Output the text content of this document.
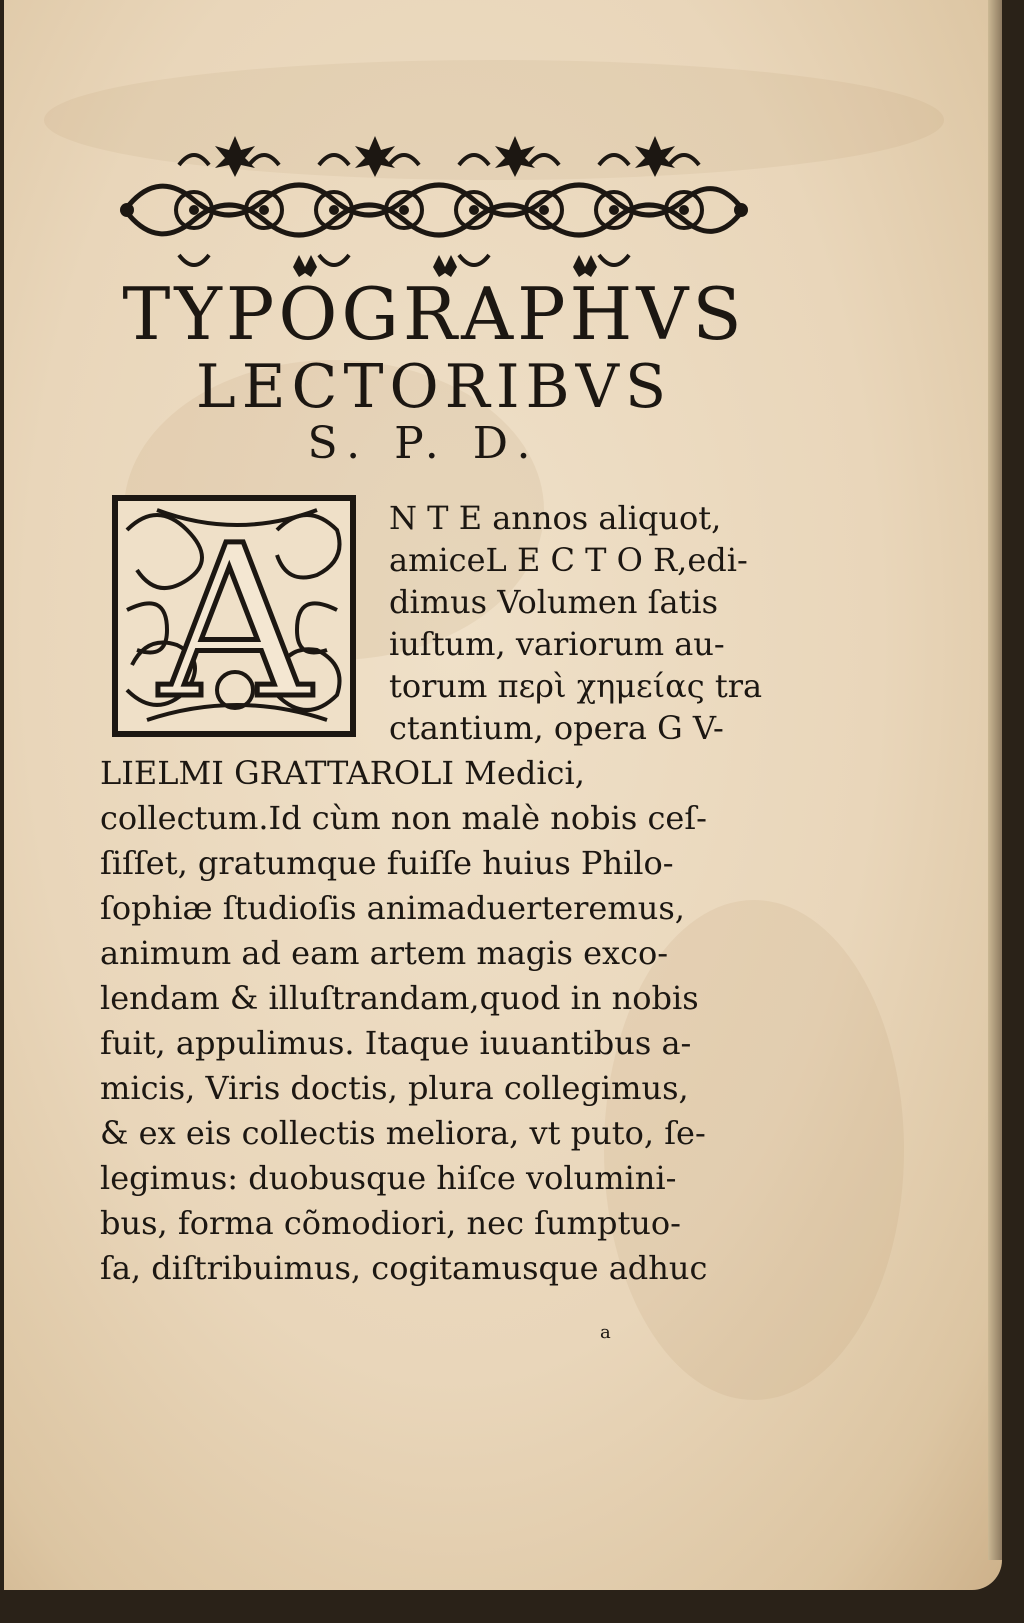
TYPOGRAPHVS
LECTORIBVS
S. P. D.
A N T E annos aliquot,
amiceL E C T O R,edi-
dimus Volumen ſatis
iuſtum, variorum au-
torum περὶ χημείας tra
ctantium, opera G V-
LIELMI GRATTAROLI Medici,
collectum.Id cùm non malè nobis ceſ-
ſiſſet, gratumque fuiſſe huius Philo-
ſophiæ ſtudioſis animaduerteremus,
animum ad eam artem magis exco-
lendam & illuſtrandam,quod in nobis
fuit, appulimus. Itaque iuuantibus a-
micis, Viris doctis, plura collegimus,
& ex eis collectis meliora, vt puto, ſe-
legimus: duobusque hiſce volumini-
bus, forma cõmodiori, nec ſumptuo-
ſa, diſtribuimus, cogitamusque adhuc
a
